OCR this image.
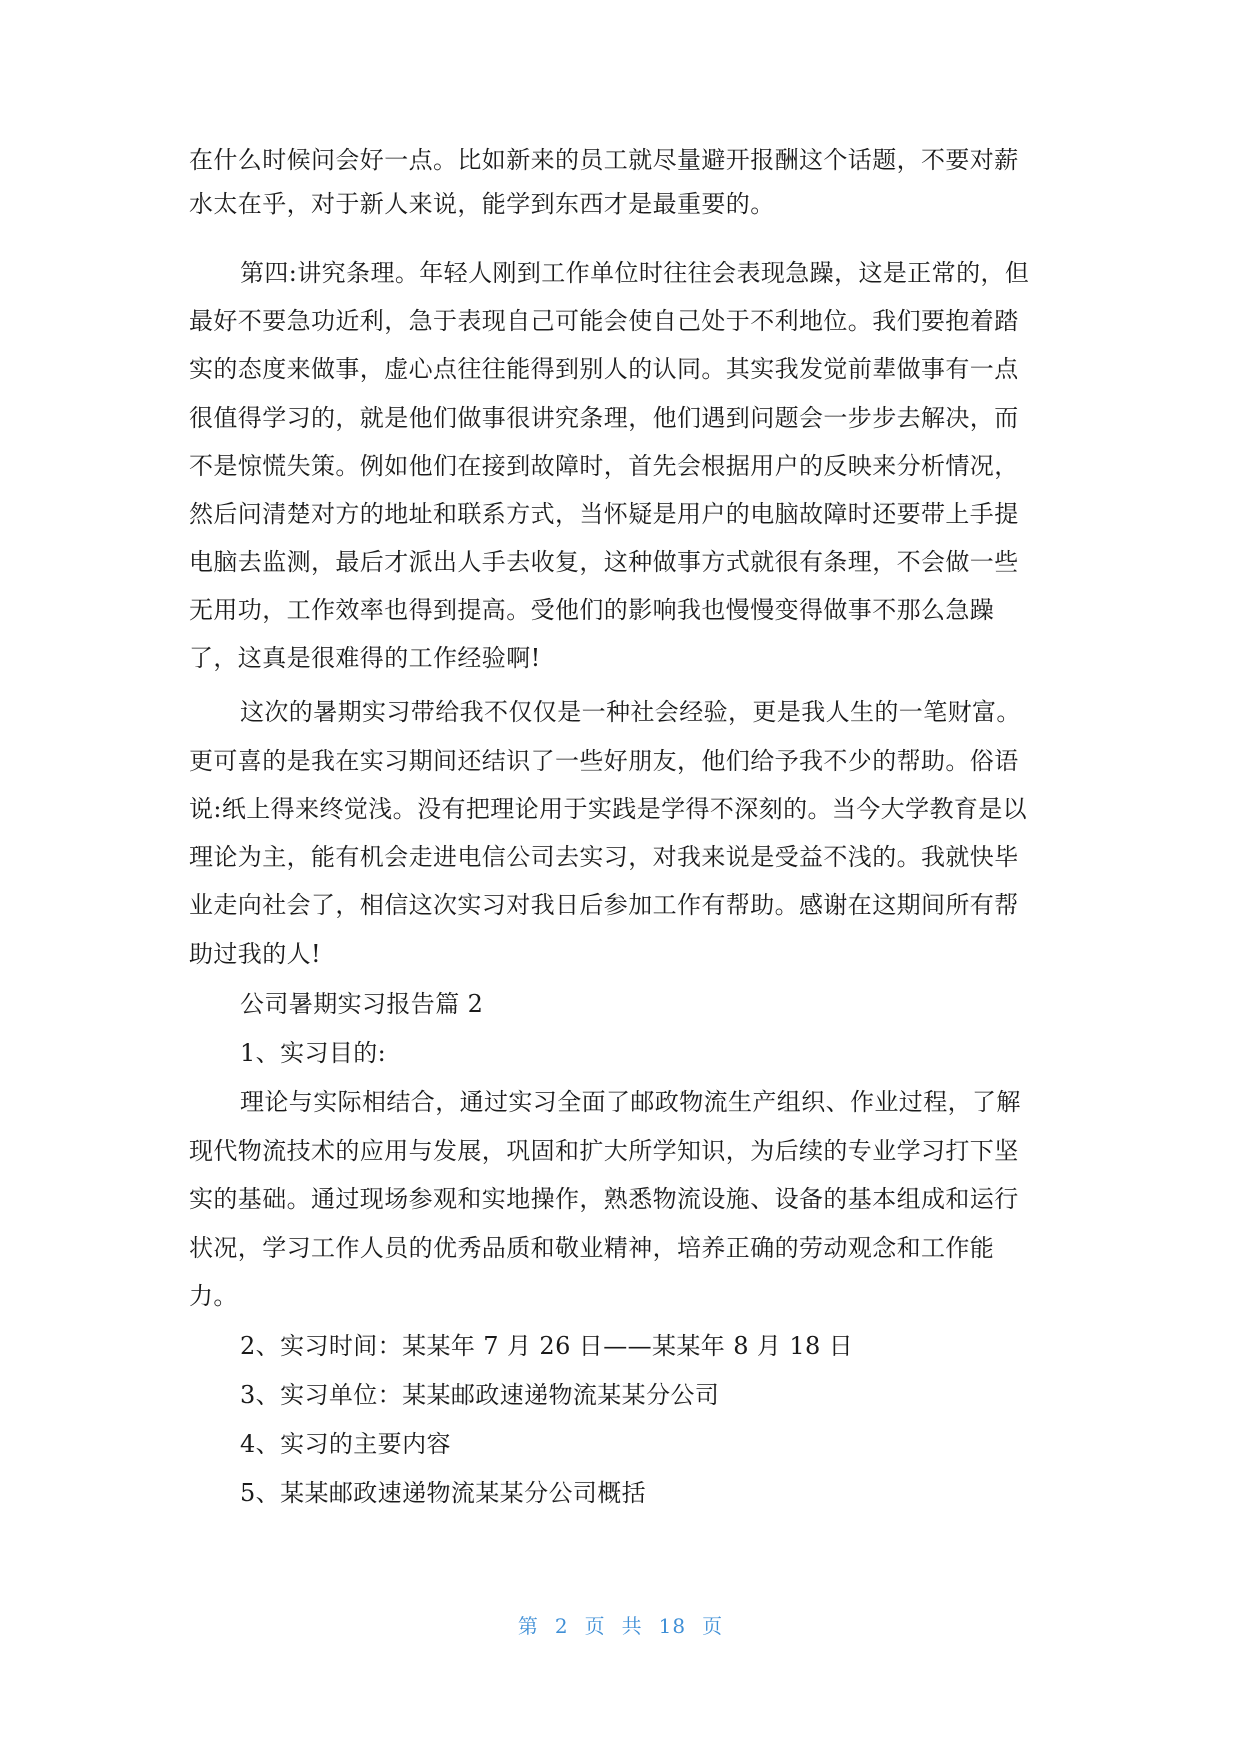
在什么时候问会好一点。比如新来的员工就尽量避开报酬这个话题，不要对薪
水太在乎，对于新人来说，能学到东西才是最重要的。
第四:讲究条理。年轻人刚到工作单位时往往会表现急躁，这是正常的，但
最好不要急功近利，急于表现自己可能会使自己处于不利地位。我们要抱着踏
实的态度来做事，虚心点往往能得到别人的认同。其实我发觉前辈做事有一点
很值得学习的，就是他们做事很讲究条理，他们遇到问题会一步步去解决，而
不是惊慌失策。例如他们在接到故障时，首先会根据用户的反映来分析情况，
然后问清楚对方的地址和联系方式，当怀疑是用户的电脑故障时还要带上手提
电脑去监测，最后才派出人手去收复，这种做事方式就很有条理，不会做一些
无用功，工作效率也得到提高。受他们的影响我也慢慢变得做事不那么急躁
了，这真是很难得的工作经验啊!
这次的暑期实习带给我不仅仅是一种社会经验，更是我人生的一笔财富。
更可喜的是我在实习期间还结识了一些好朋友，他们给予我不少的帮助。俗语
说:纸上得来终觉浅。没有把理论用于实践是学得不深刻的。当今大学教育是以
理论为主，能有机会走进电信公司去实习，对我来说是受益不浅的。我就快毕
业走向社会了，相信这次实习对我日后参加工作有帮助。感谢在这期间所有帮
助过我的人!
公司暑期实习报告篇 2
1、实习目的:
理论与实际相结合，通过实习全面了邮政物流生产组织、作业过程，了解
现代物流技术的应用与发展，巩固和扩大所学知识，为后续的专业学习打下坚
实的基础。通过现场参观和实地操作，熟悉物流设施、设备的基本组成和运行
状况，学习工作人员的优秀品质和敬业精神，培养正确的劳动观念和工作能
力。
2、实习时间：某某年 7 月 26 日——某某年 8 月 18 日
3、实习单位：某某邮政速递物流某某分公司
4、实习的主要内容
5、某某邮政速递物流某某分公司概括
第 2 页 共 18 页
